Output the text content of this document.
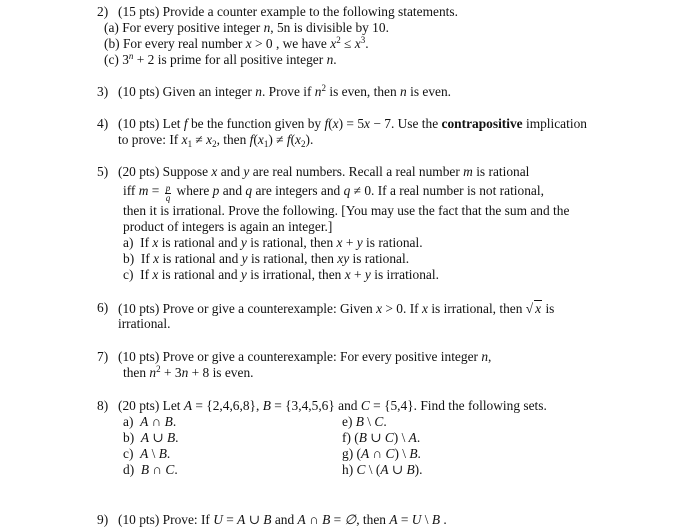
2) (15 pts) Provide a counter example to the following statements.
(a) For every positive integer n, 5n is divisible by 10.
(b) For every real number x > 0 , we have $x^2 \le x^3$.
(c) $3^n + 2$ is prime for all positive integer n.
3) (10 pts) Given an integer n. Prove if $n^2$ is even, then n is even.
4) (10 pts) Let f be the function given by f(x) = 5x − 7. Use the contrapositive implication
to prove: If $x_1 \ne x_2$, then $f(x_1) \ne f(x_2)$.
5) (20 pts) Suppose x and y are real numbers. Recall a real number m is rational
iff $m = \frac{p}{q}$ where p and q are integers and q ≠ 0. If a real number is not rational,
then it is irrational. Prove the following. [You may use the fact that the sum and the
product of integers is again an integer.]
a) If x is rational and y is rational, then x + y is rational.
b) If x is rational and y is rational, then xy is rational.
c) If x is rational and y is irrational, then x + y is irrational.
6) (10 pts) Prove or give a counterexample: Given x > 0. If x is irrational, then √ x is
irrational.
7) (10 pts) Prove or give a counterexample: For every positive integer n,
then $n^2 + 3n + 8$ is even.
8) (20 pts) Let A = {2,4,6,8}, B = {3,4,5,6} and C = {5,4}. Find the following sets.
a) A ∩ B.
b) A ∪ B.
c) A \ B.
d) B ∩ C.
e) B \ C.
f) (B ∪ C) \ A.
g) (A ∩ C) \ B.
h) C \ (A ∪ B).
9) (10 pts) Prove: If U = A ∪ B and A ∩ B = ∅, then A = U \ B .
